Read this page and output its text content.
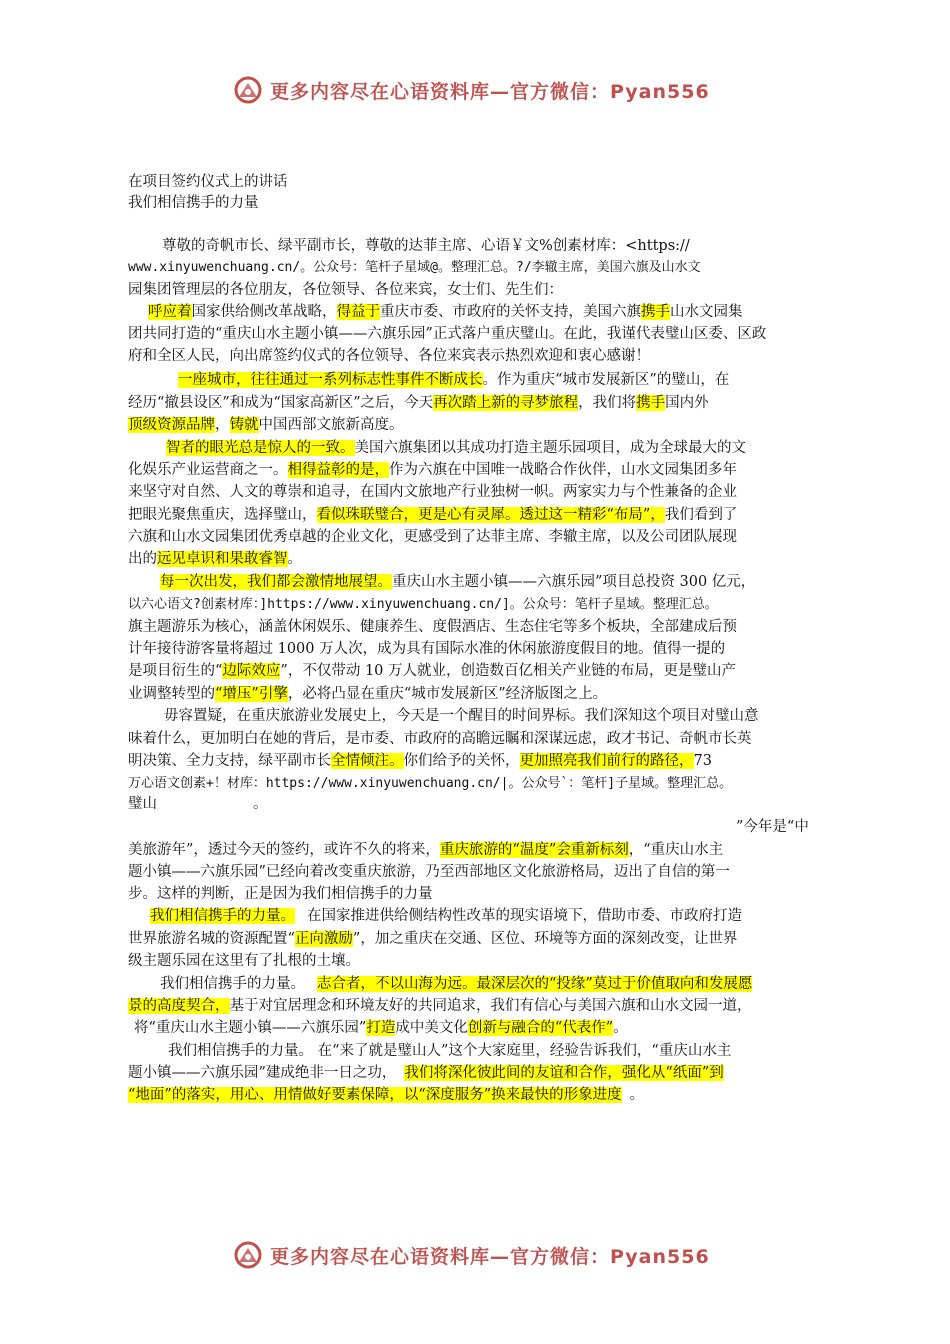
更多内容尽在心语资料库—官方微信：Pyan556
在项目签约仪式上的讲话
我们相信携手的力量
尊敬的奇帆市长、绿平副市长，尊敬的达菲主席、心语￥文%创素材库：<https://
www.xinyuwenchuang.cn/。公众号：笔杆子星域@。整理汇总。?/李辙主席，美国六旗及山水文
园集团管理层的各位朋友，各位领导、各位来宾，女士们、先生们：
呼应着国家供给侧改革战略，得益于重庆市委、市政府的关怀支持，美国六旗携手山水文园集
团共同打造的“重庆山水主题小镇——六旗乐园”正式落户重庆璧山。在此，我谨代表璧山区委、区政
府和全区人民，向出席签约仪式的各位领导、各位来宾表示热烈欢迎和衷心感谢！
一座城市，往往通过一系列标志性事件不断成长。作为重庆“城市发展新区”的璧山，在
经历“撤县设区”和成为“国家高新区”之后，今天再次踏上新的寻梦旅程，我们将携手国内外
顶级资源品牌，铸就中国西部文旅新高度。
智者的眼光总是惊人的一致。美国六旗集团以其成功打造主题乐园项目，成为全球最大的文
化娱乐产业运营商之一。相得益彰的是，作为六旗在中国唯一战略合作伙伴，山水文园集团多年
来坚守对自然、人文的尊崇和追寻，在国内文旅地产行业独树一帜。两家实力与个性兼备的企业
把眼光聚焦重庆，选择璧山，看似珠联璧合，更是心有灵犀。透过这一精彩“布局”，我们看到了
六旗和山水文园集团优秀卓越的企业文化，更感受到了达菲主席、李辙主席，以及公司团队展现
出的远见卓识和果敢睿智。
每一次出发，我们都会激情地展望。重庆山水主题小镇——六旗乐园”项目总投资 300 亿元，
以六心语文?创素材库：]https://www.xinyuwenchuang.cn/]。公众号：笔杆子星域。整理汇总。
旗主题游乐为核心，涵盖休闲娱乐、健康养生、度假酒店、生态住宅等多个板块，全部建成后预
计年接待游客量将超过 1000 万人次，成为具有国际水准的休闲旅游度假目的地。值得一提的
是项目衍生的“边际效应”，不仅带动 10 万人就业，创造数百亿相关产业链的布局，更是璧山产
业调整转型的“增压”引擎，必将凸显在重庆“城市发展新区”经济版图之上。
毋容置疑，在重庆旅游业发展史上，今天是一个醒目的时间界标。我们深知这个项目对璧山意
味着什么，更加明白在她的背后，是市委、市政府的高瞻远瞩和深谋远虑，政才书记、奇帆市长英
明决策、全力支持，绿平副市长全情倾注。你们给予的关怀，更加照亮我们前行的路径，73
万心语文创素+！材库：https://www.xinyuwenchuang.cn/|。公众号`：笔杆]子星域。整理汇总。
璧山	。
”今年是“中
美旅游年”，透过今天的签约，或许不久的将来，重庆旅游的“温度”会重新标刻，“重庆山水主
题小镇——六旗乐园”已经向着改变重庆旅游，乃至西部地区文化旅游格局，迈出了自信的第一
步。这样的判断，正是因为我们相信携手的力量
我们相信携手的力量。 在国家推进供给侧结构性改革的现实语境下，借助市委、市政府打造
世界旅游名城的资源配置“正向激励”，加之重庆在交通、区位、环境等方面的深刻改变，让世界
级主题乐园在这里有了扎根的土壤。
我们相信携手的力量。 志合者，不以山海为远。最深层次的“投缘”莫过于价值取向和发展愿
景的高度契合，基于对宜居理念和环境友好的共同追求，我们有信心与美国六旗和山水文园一道，
将“重庆山水主题小镇——六旗乐园”打造成中美文化创新与融合的“代表作”。
我们相信携手的力量。 在“来了就是璧山人”这个大家庭里，经验告诉我们，“重庆山水主
题小镇——六旗乐园”建成绝非一日之功， 我们将深化彼此间的友谊和合作，强化从“纸面”到
“地面”的落实，用心、用情做好要素保障，以“深度服务”换来最快的形象进度 。
更多内容尽在心语资料库—官方微信：Pyan556
